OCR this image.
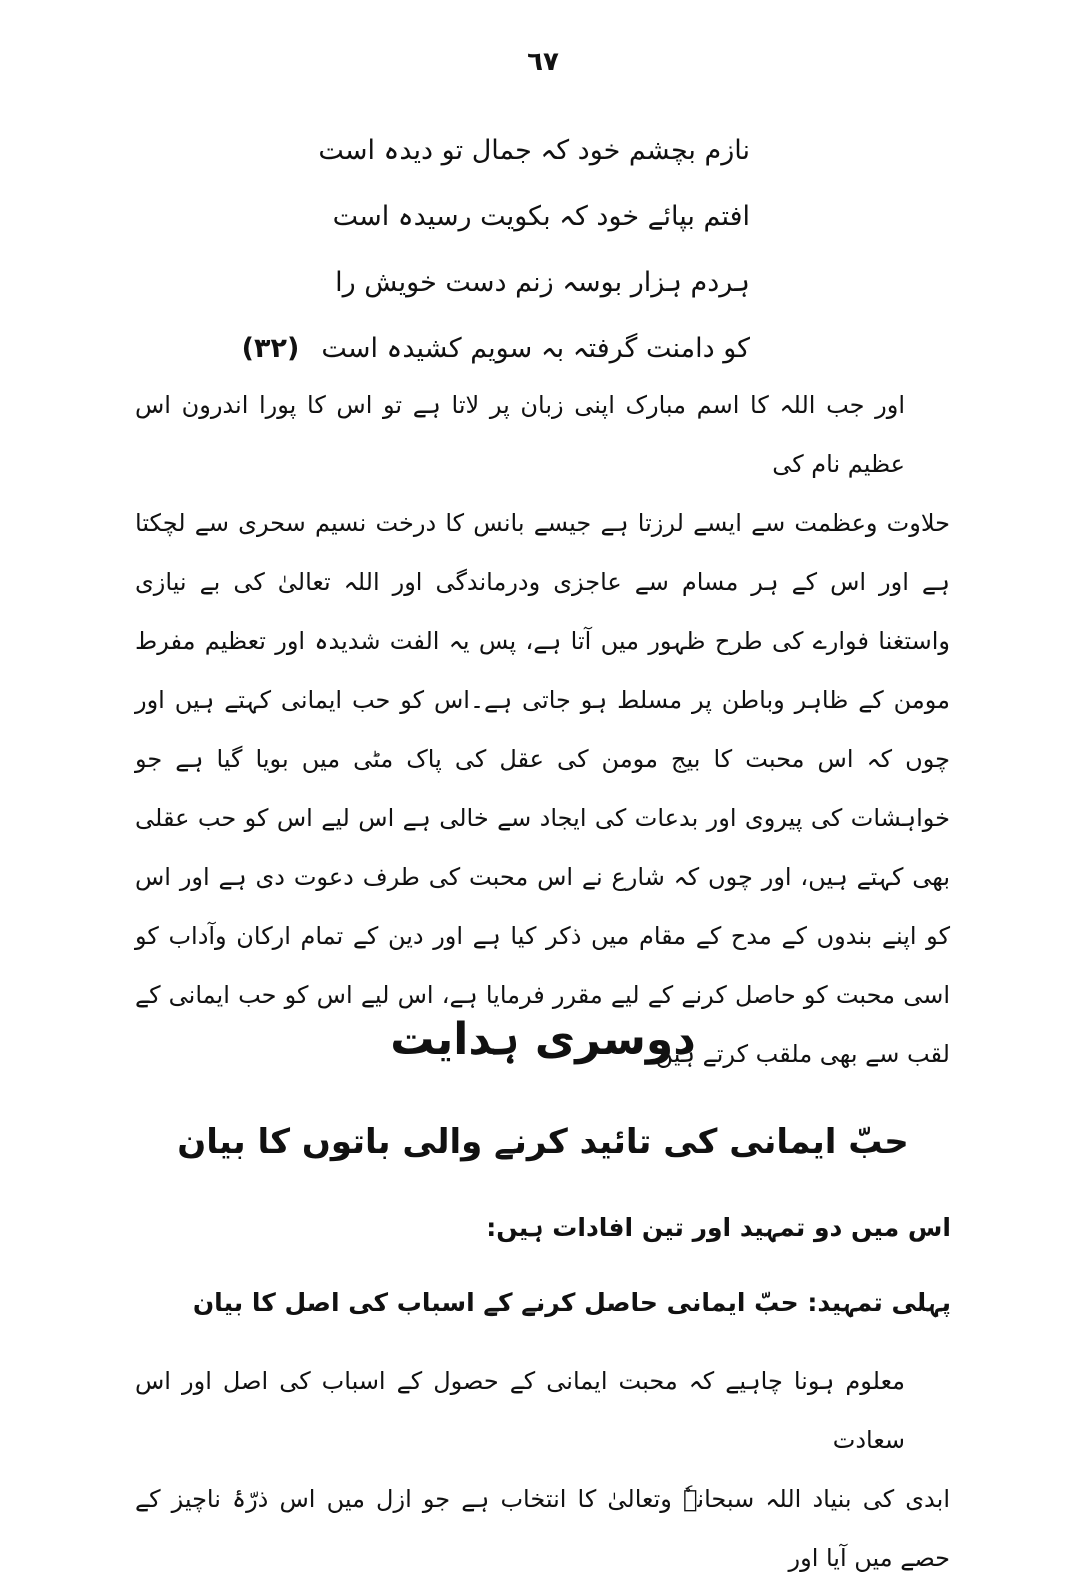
٦٧
نازم بچشم خود کہ جمال تو دیدہ است
افتم بپائے خود کہ بکویت رسیدہ است
ہردم ہزار بوسہ زنم دست خویش را
کو دامنت گرفتہ بہ سویم کشیدہ است(۳۲)
اور جب اللہ کا اسم مبارک اپنی زبان پر لاتا ہے تو اس کا پورا اندرون اس عظیم نام کی
حلاوت وعظمت سے ایسے لرزتا ہے جیسے بانس کا درخت نسیم سحری سے لچکتا ہے اور اس کے ہر مسام سے عاجزی ودرماندگی اور اللہ تعالیٰ کی بے نیازی واستغنا فوارے کی طرح ظہور میں آتا ہے، پس یہ الفت شدیدہ اور تعظیم مفرط مومن کے ظاہر وباطن پر مسلط ہو جاتی ہے۔اس کو حب ایمانی کہتے ہیں اور چوں کہ اس محبت کا بیج مومن کی عقل کی پاک مٹی میں بویا گیا ہے جو خواہشات کی پیروی اور بدعات کی ایجاد سے خالی ہے اس لیے اس کو حب عقلی بھی کہتے ہیں، اور چوں کہ شارع نے اس محبت کی طرف دعوت دی ہے اور اس کو اپنے بندوں کے مدح کے مقام میں ذکر کیا ہے اور دین کے تمام ارکان وآداب کو اسی محبت کو حاصل کرنے کے لیے مقرر فرمایا ہے، اس لیے اس کو حب ایمانی کے لقب سے بھی ملقب کرتے ہیں۔
دوسری ہدایت
حبّ ایمانی کی تائید کرنے والی باتوں کا بیان
اس میں دو تمہید اور تین افادات ہیں:
پہلی تمہید: حبّ ایمانی حاصل کرنے کے اسباب کی اصل کا بیان
معلوم ہونا چاہیے کہ محبت ایمانی کے حصول کے اسباب کی اصل اور اس سعادت
ابدی کی بنیاد اللہ سبحانہٗ وتعالیٰ کا انتخاب ہے جو ازل میں اس ذرّۂ ناچیز کے حصے میں آیا اور
